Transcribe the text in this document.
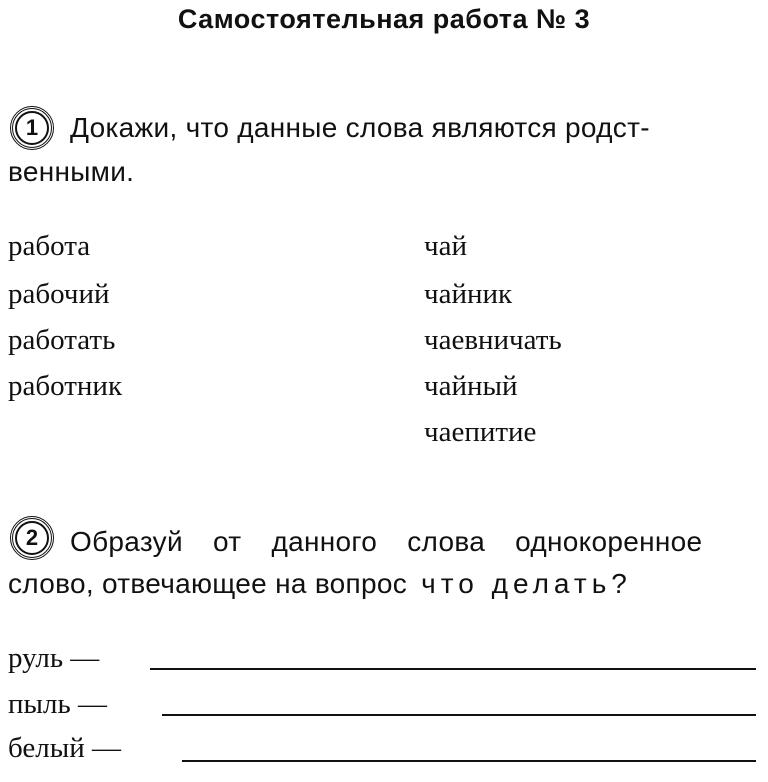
Самостоятельная работа № 3
1	Докажи, что данные слова являются родст-
венными.
работа
рабочий
работать
работник
чай
чайник
чаевничать
чайный
чаепитие
2	Образуй от данного слова однокоренное
слово, отвечающее на вопрос что делать?
руль —
пыль —
белый —
